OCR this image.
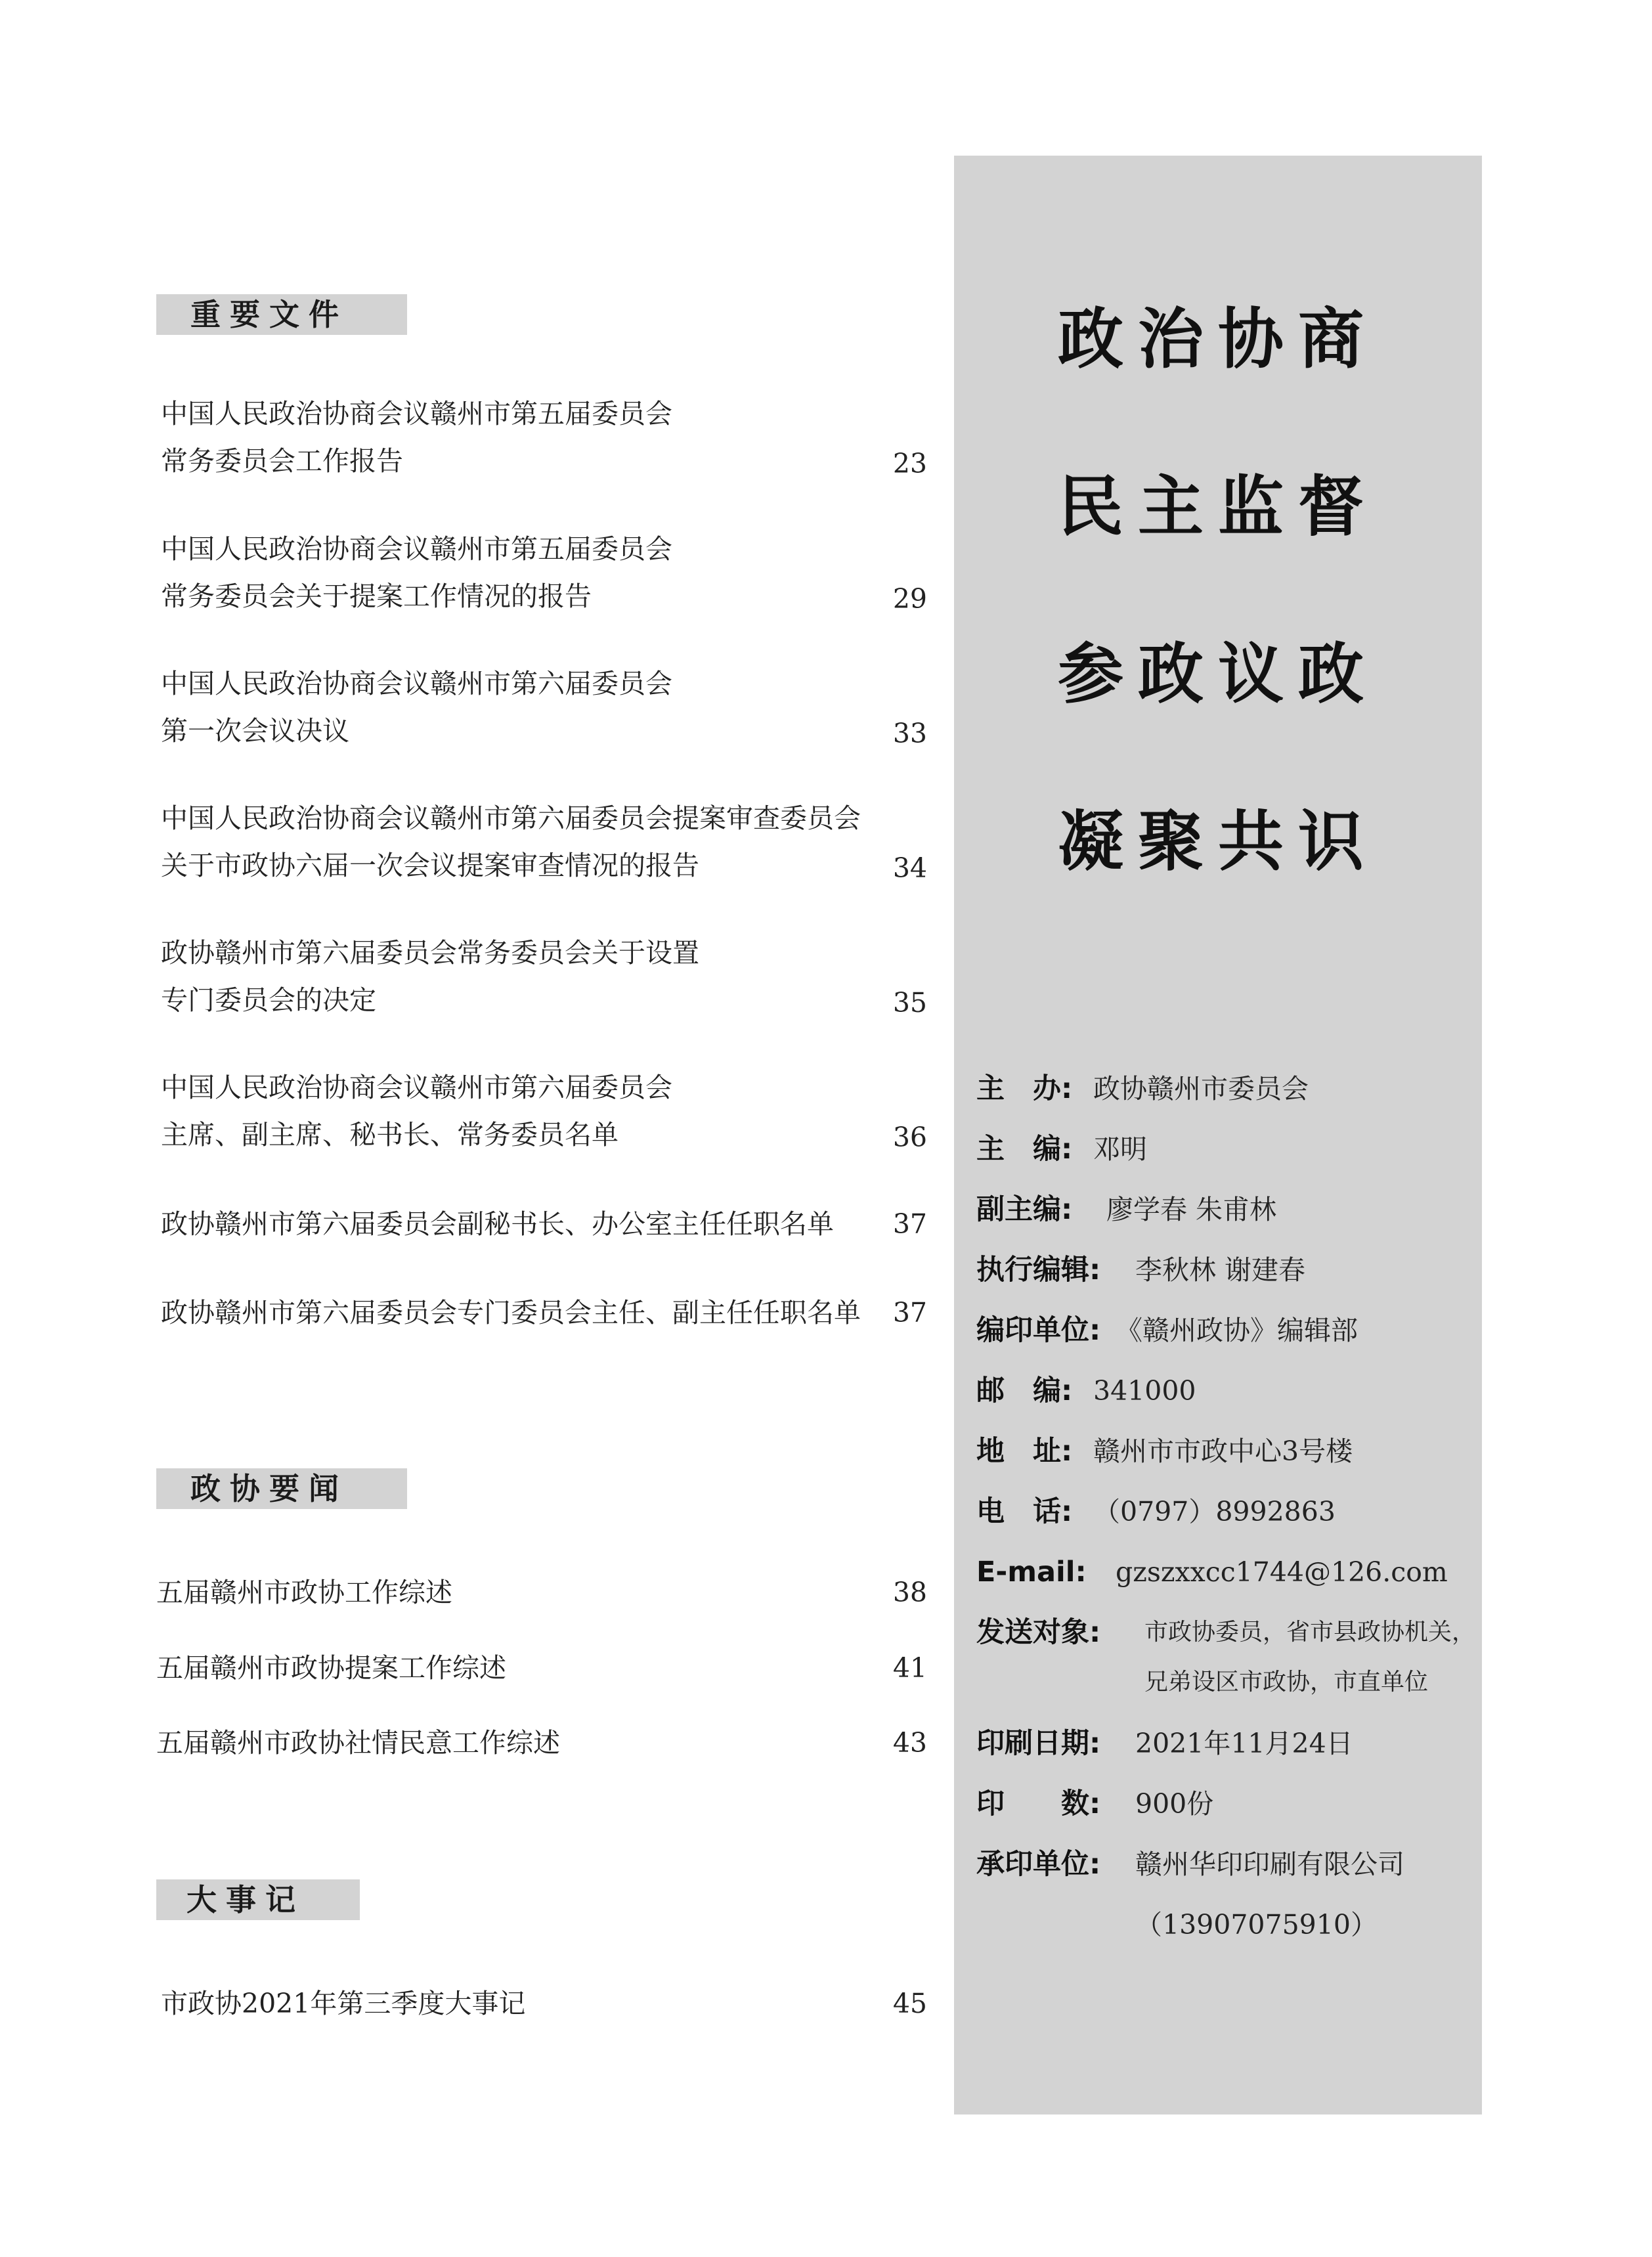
重要文件
中国人民政治协商会议赣州市第五届委员会
常务委员会工作报告	23
中国人民政治协商会议赣州市第五届委员会
常务委员会关于提案工作情况的报告	29
中国人民政治协商会议赣州市第六届委员会
第一次会议决议	33
中国人民政治协商会议赣州市第六届委员会提案审查委员会
关于市政协六届一次会议提案审查情况的报告	34
政协赣州市第六届委员会常务委员会关于设置
专门委员会的决定	35
中国人民政治协商会议赣州市第六届委员会
主席、副主席、秘书长、常务委员名单	36
政协赣州市第六届委员会副秘书长、办公室主任任职名单	37
政协赣州市第六届委员会专门委员会主任、副主任任职名单	37
政协要闻
五届赣州市政协工作综述	38
五届赣州市政协提案工作综述	41
五届赣州市政协社情民意工作综述	43
大事记
市政协2021年第三季度大事记	45
政治协商
民主监督
参政议政
凝聚共识
主　办: 政协赣州市委员会
主　编: 邓明
副主编: 廖学春 朱甫林
执行编辑: 李秋林 谢建春
编印单位: 《赣州政协》编辑部
邮　编: 341000
地　址: 赣州市市政中心3号楼
电　话: （0797）8992863
E-mail: gzszxxcc1744@126.com
发送对象: 市政协委员，省市县政协机关，
兄弟设区市政协，市直单位
印刷日期: 2021年11月24日
印　　数: 900份
承印单位: 赣州华印印刷有限公司
（13907075910）
